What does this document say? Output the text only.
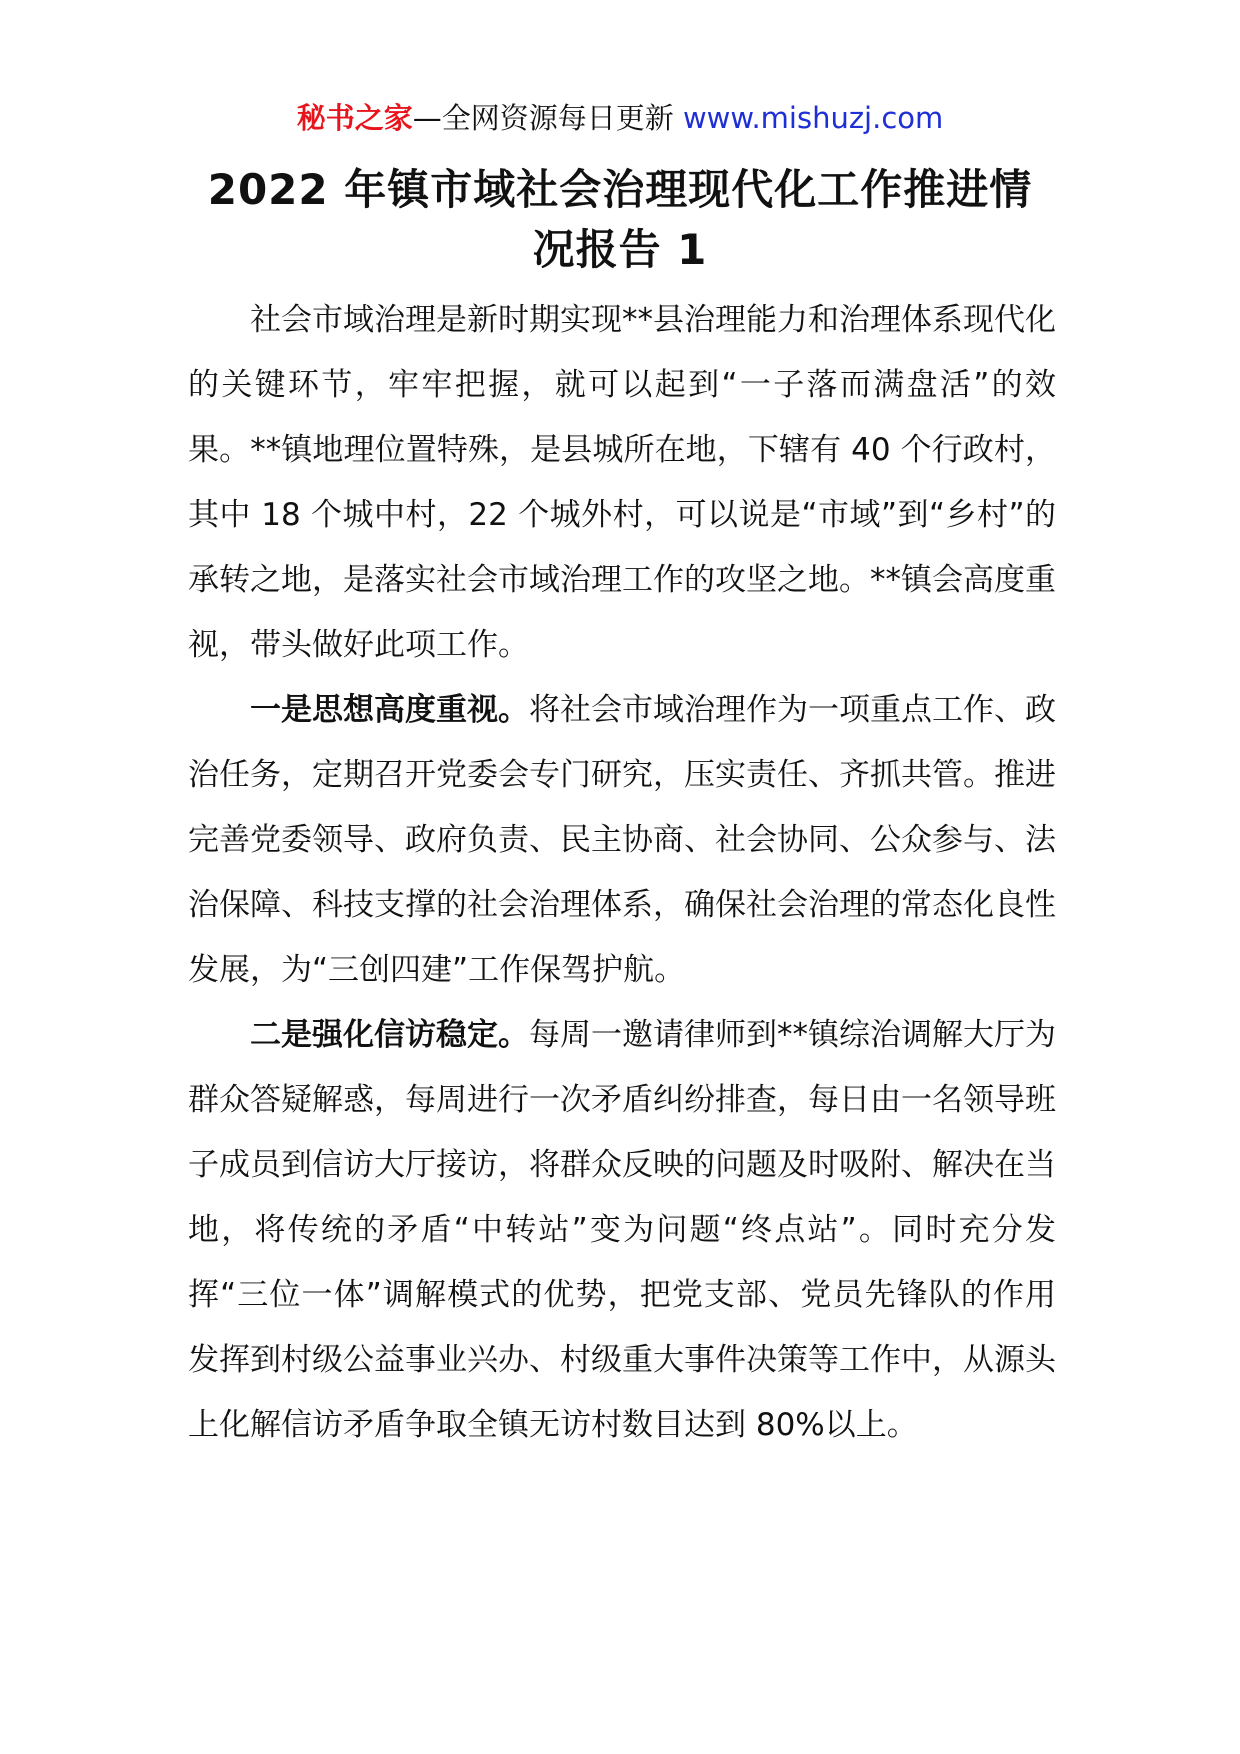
秘书之家—全网资源每日更新 www.mishuzj.com
2022 年镇市域社会治理现代化工作推进情
况报告 1

社会市域治理是新时期实现**县治理能力和治理体系现代化的关键环节，牢牢把握，就可以起到“一子落而满盘活”的效果。**镇地理位置特殊，是县城所在地，下辖有 40 个行政村，其中 18 个城中村，22 个城外村，可以说是“市域”到“乡村”的承转之地，是落实社会市域治理工作的攻坚之地。**镇会高度重视，带头做好此项工作。

一是思想高度重视。将社会市域治理作为一项重点工作、政治任务，定期召开党委会专门研究，压实责任、齐抓共管。推进完善党委领导、政府负责、民主协商、社会协同、公众参与、法治保障、科技支撑的社会治理体系，确保社会治理的常态化良性发展，为“三创四建”工作保驾护航。

二是强化信访稳定。每周一邀请律师到**镇综治调解大厅为群众答疑解惑，每周进行一次矛盾纠纷排查，每日由一名领导班子成员到信访大厅接访，将群众反映的问题及时吸附、解决在当地，将传统的矛盾“中转站”变为问题“终点站”。同时充分发挥“三位一体”调解模式的优势，把党支部、党员先锋队的作用发挥到村级公益事业兴办、村级重大事件决策等工作中，从源头上化解信访矛盾争取全镇无访村数目达到 80%以上。
